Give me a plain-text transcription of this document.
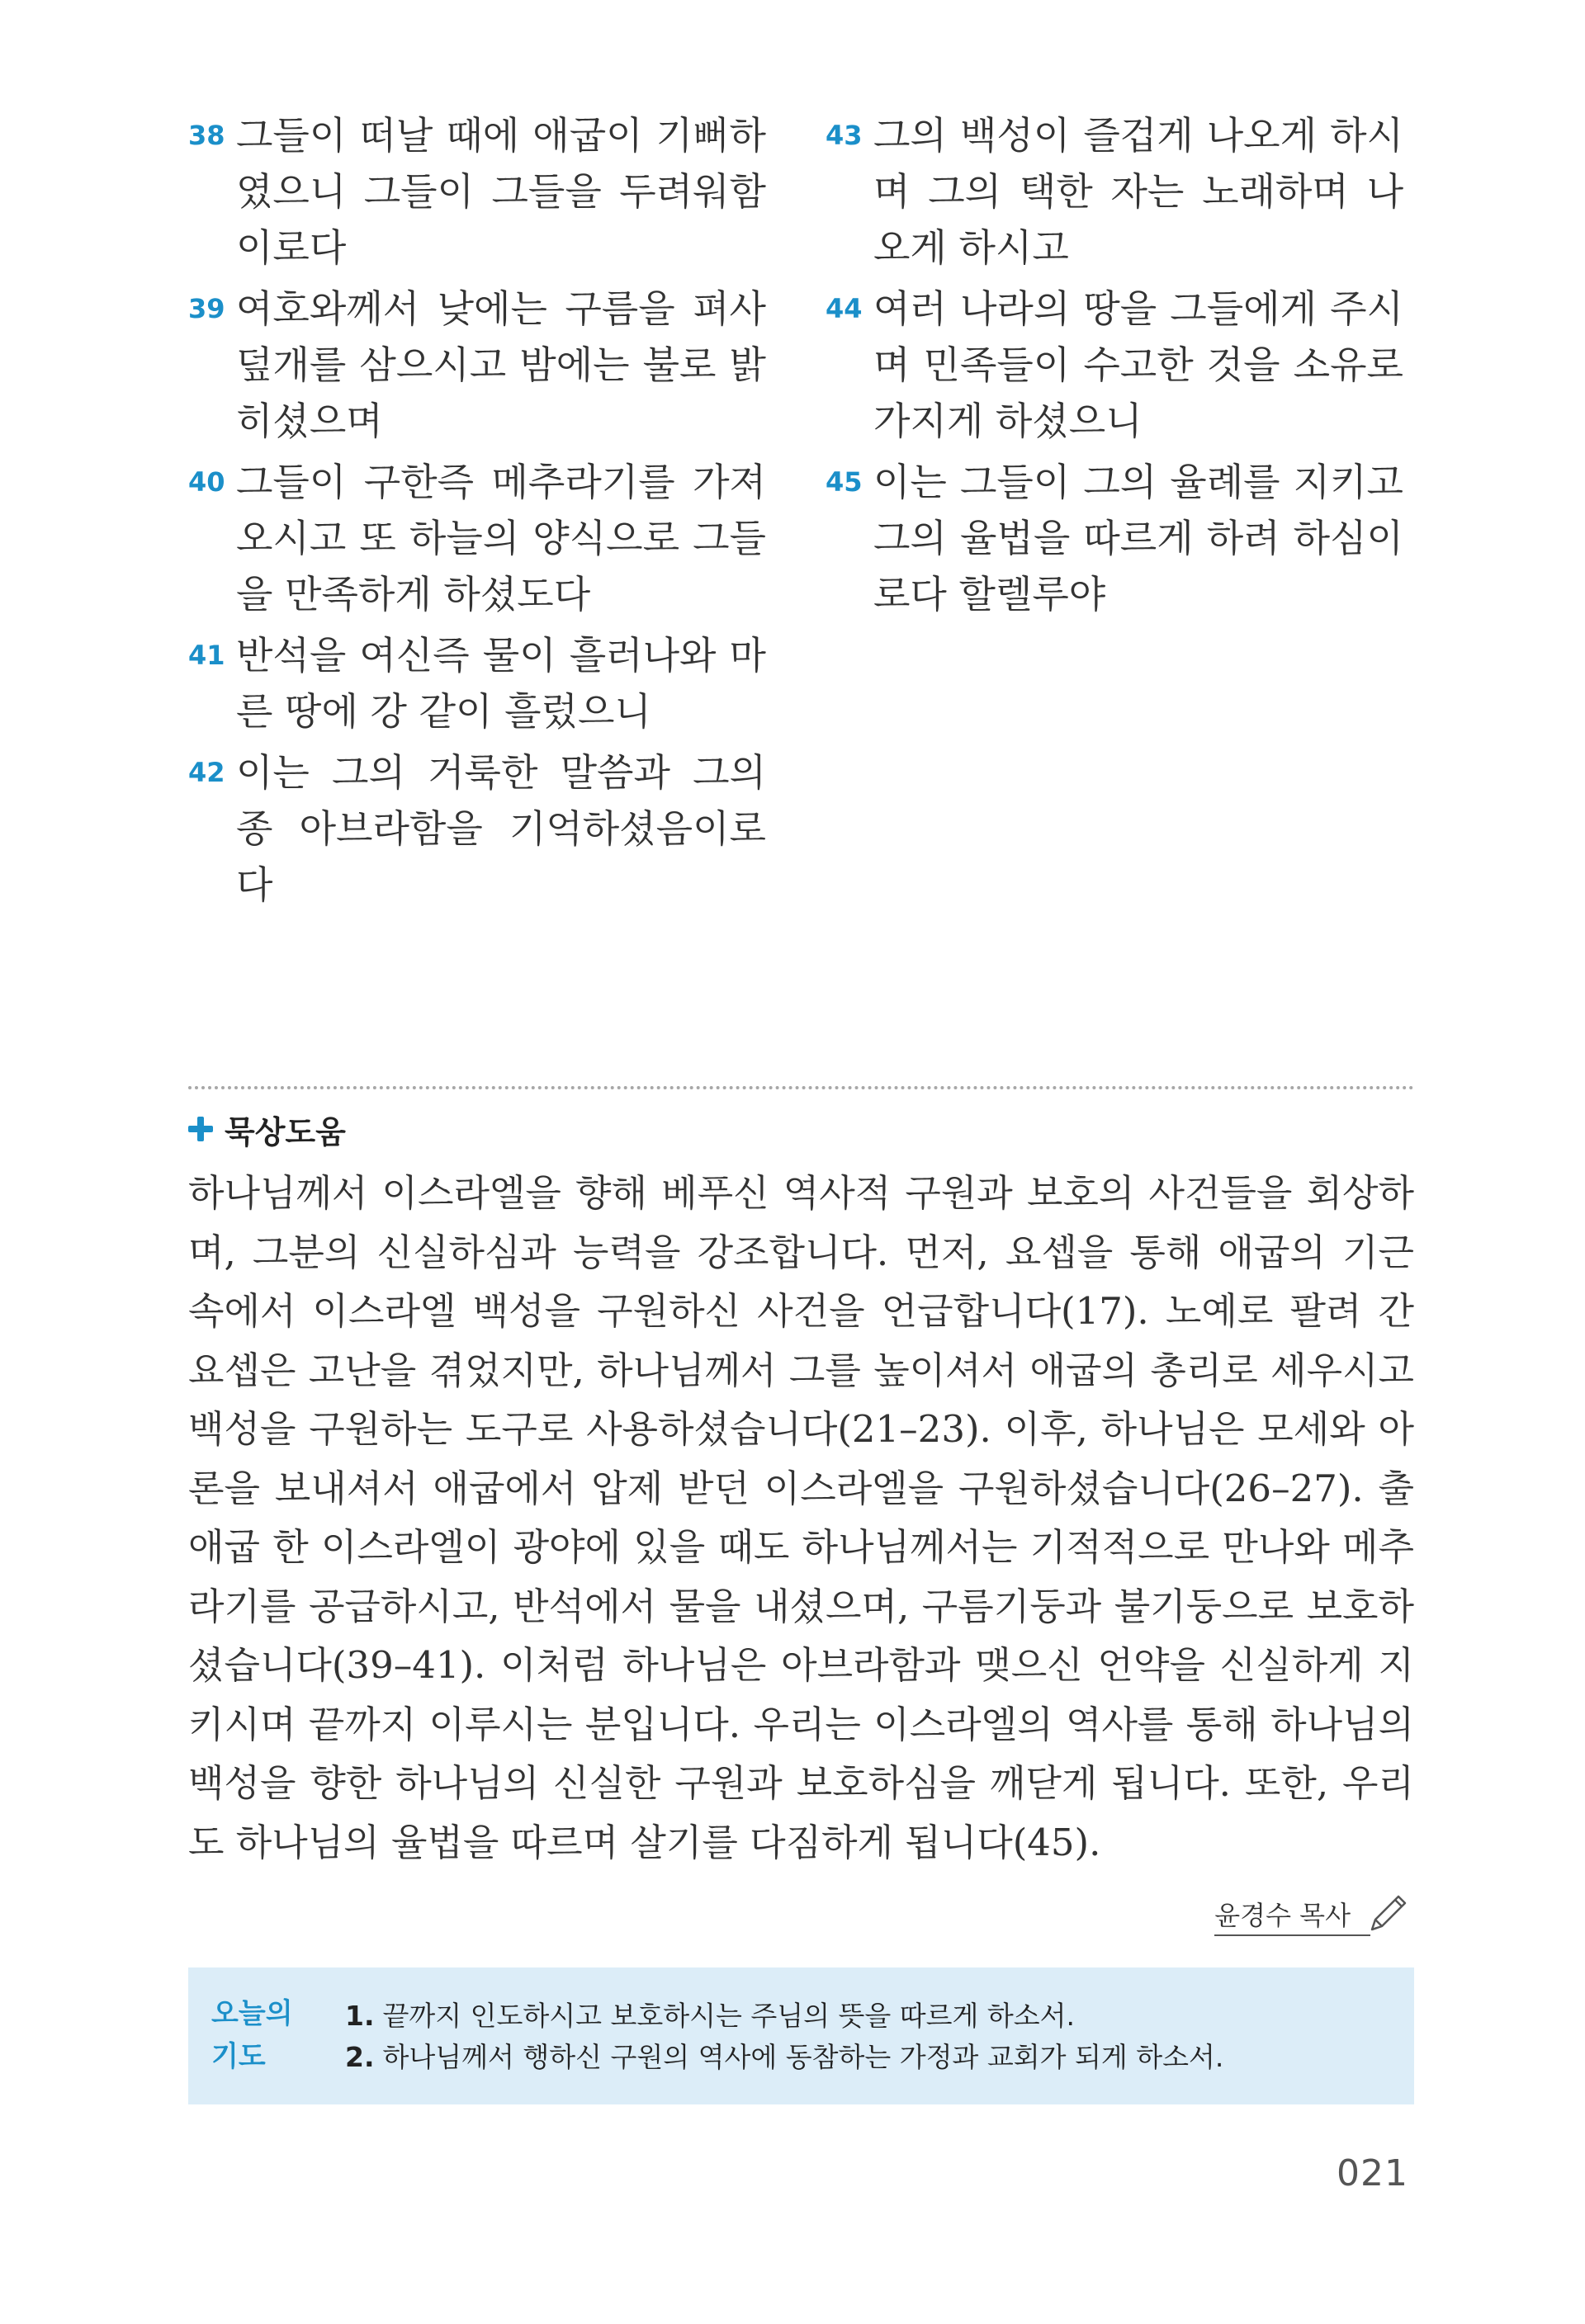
38 그들이 떠날 때에 애굽이 기뻐하였으니 그들이 그들을 두려워함이로다
39 여호와께서 낮에는 구름을 펴사 덮개를 삼으시고 밤에는 불로 밝히셨으며
40 그들이 구한즉 메추라기를 가져 오시고 또 하늘의 양식으로 그들을 만족하게 하셨도다
41 반석을 여신즉 물이 흘러나와 마른 땅에 강 같이 흘렀으니
42 이는 그의 거룩한 말씀과 그의 종 아브라함을 기억하셨음이로다
43 그의 백성이 즐겁게 나오게 하시며 그의 택한 자는 노래하며 나오게 하시고
44 여러 나라의 땅을 그들에게 주시며 민족들이 수고한 것을 소유로 가지게 하셨으니
45 이는 그들이 그의 율례를 지키고 그의 율법을 따르게 하려 하심이로다 할렐루야
묵상도움

하나님께서 이스라엘을 향해 베푸신 역사적 구원과 보호의 사건들을 회상하며, 그분의 신실하심과 능력을 강조합니다. 먼저, 요셉을 통해 애굽의 기근 속에서 이스라엘 백성을 구원하신 사건을 언급합니다(17). 노예로 팔려 간 요셉은 고난을 겪었지만, 하나님께서 그를 높이셔서 애굽의 총리로 세우시고 백성을 구원하는 도구로 사용하셨습니다(21–23). 이후, 하나님은 모세와 아론을 보내셔서 애굽에서 압제 받던 이스라엘을 구원하셨습니다(26–27). 출애굽 한 이스라엘이 광야에 있을 때도 하나님께서는 기적적으로 만나와 메추라기를 공급하시고, 반석에서 물을 내셨으며, 구름기둥과 불기둥으로 보호하셨습니다(39–41). 이처럼 하나님은 아브라함과 맺으신 언약을 신실하게 지키시며 끝까지 이루시는 분입니다. 우리는 이스라엘의 역사를 통해 하나님의 백성을 향한 하나님의 신실한 구원과 보호하심을 깨닫게 됩니다. 또한, 우리도 하나님의 율법을 따르며 살기를 다짐하게 됩니다(45).

윤경수 목사
오늘의
기도
1. 끝까지 인도하시고 보호하시는 주님의 뜻을 따르게 하소서.
2. 하나님께서 행하신 구원의 역사에 동참하는 가정과 교회가 되게 하소서.
021
